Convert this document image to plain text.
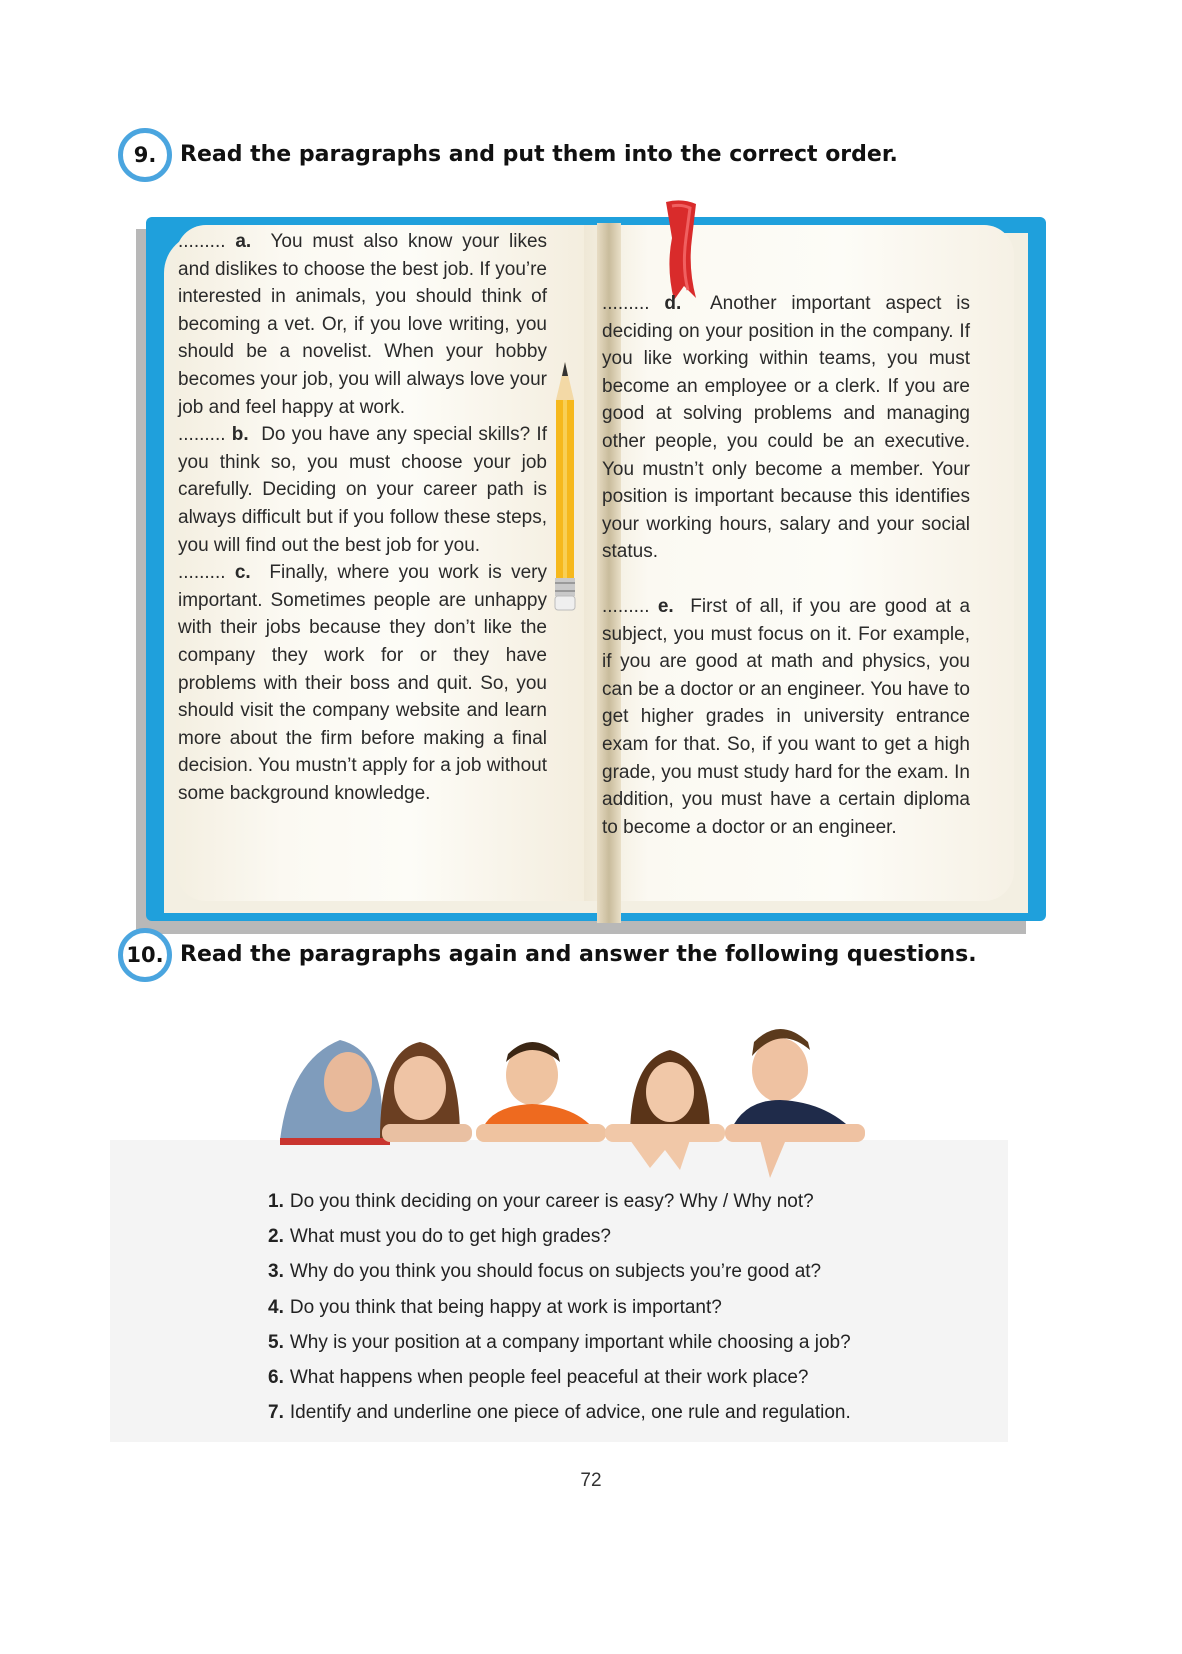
9.	Read the paragraphs and put them into the correct order.

......... a. You must also know your likes and dislikes to choose the best job. If you’re interested in animals, you should think of becoming a vet. Or, if you love writing, you should be a novelist. When your hobby becomes your job, you will always love your job and feel happy at work.

......... b. Do you have any special skills? If you think so, you must choose your job carefully. Deciding on your career path is always difficult but if you follow these steps, you will find out the best job for you.

......... c. Finally, where you work is very important. Sometimes people are unhappy with their jobs because they don’t like the company they work for or they have problems with their boss and quit. So, you should visit the company website and learn more about the firm before making a final decision. You mustn’t apply for a job without some background knowledge.

......... d. Another important aspect is deciding on your position in the company. If you like working within teams, you must become an employee or a clerk. If you are good at solving problems and managing other people, you could be an executive. You mustn’t only become a member. Your position is important because this identifies your working hours, salary and your social status.

......... e. First of all, if you are good at a subject, you must focus on it. For example, if you are good at math and physics, you can be a doctor or an engineer. You have to get higher grades in university entrance exam for that. So, if you want to get a high grade, you must study hard for the exam. In addition, you must have a certain diploma to become a doctor or an engineer.

10. Read the paragraphs again and answer the following questions.
1. Do you think deciding on your career is easy? Why / Why not?
2. What must you do to get high grades?
3. Why do you think you should focus on subjects you’re good at?
4. Do you think that being happy at work is important?
5. Why is your position at a company important while choosing a job?
6. What happens when people feel peaceful at their work place?
7. Identify and underline one piece of advice, one rule and regulation.
72
